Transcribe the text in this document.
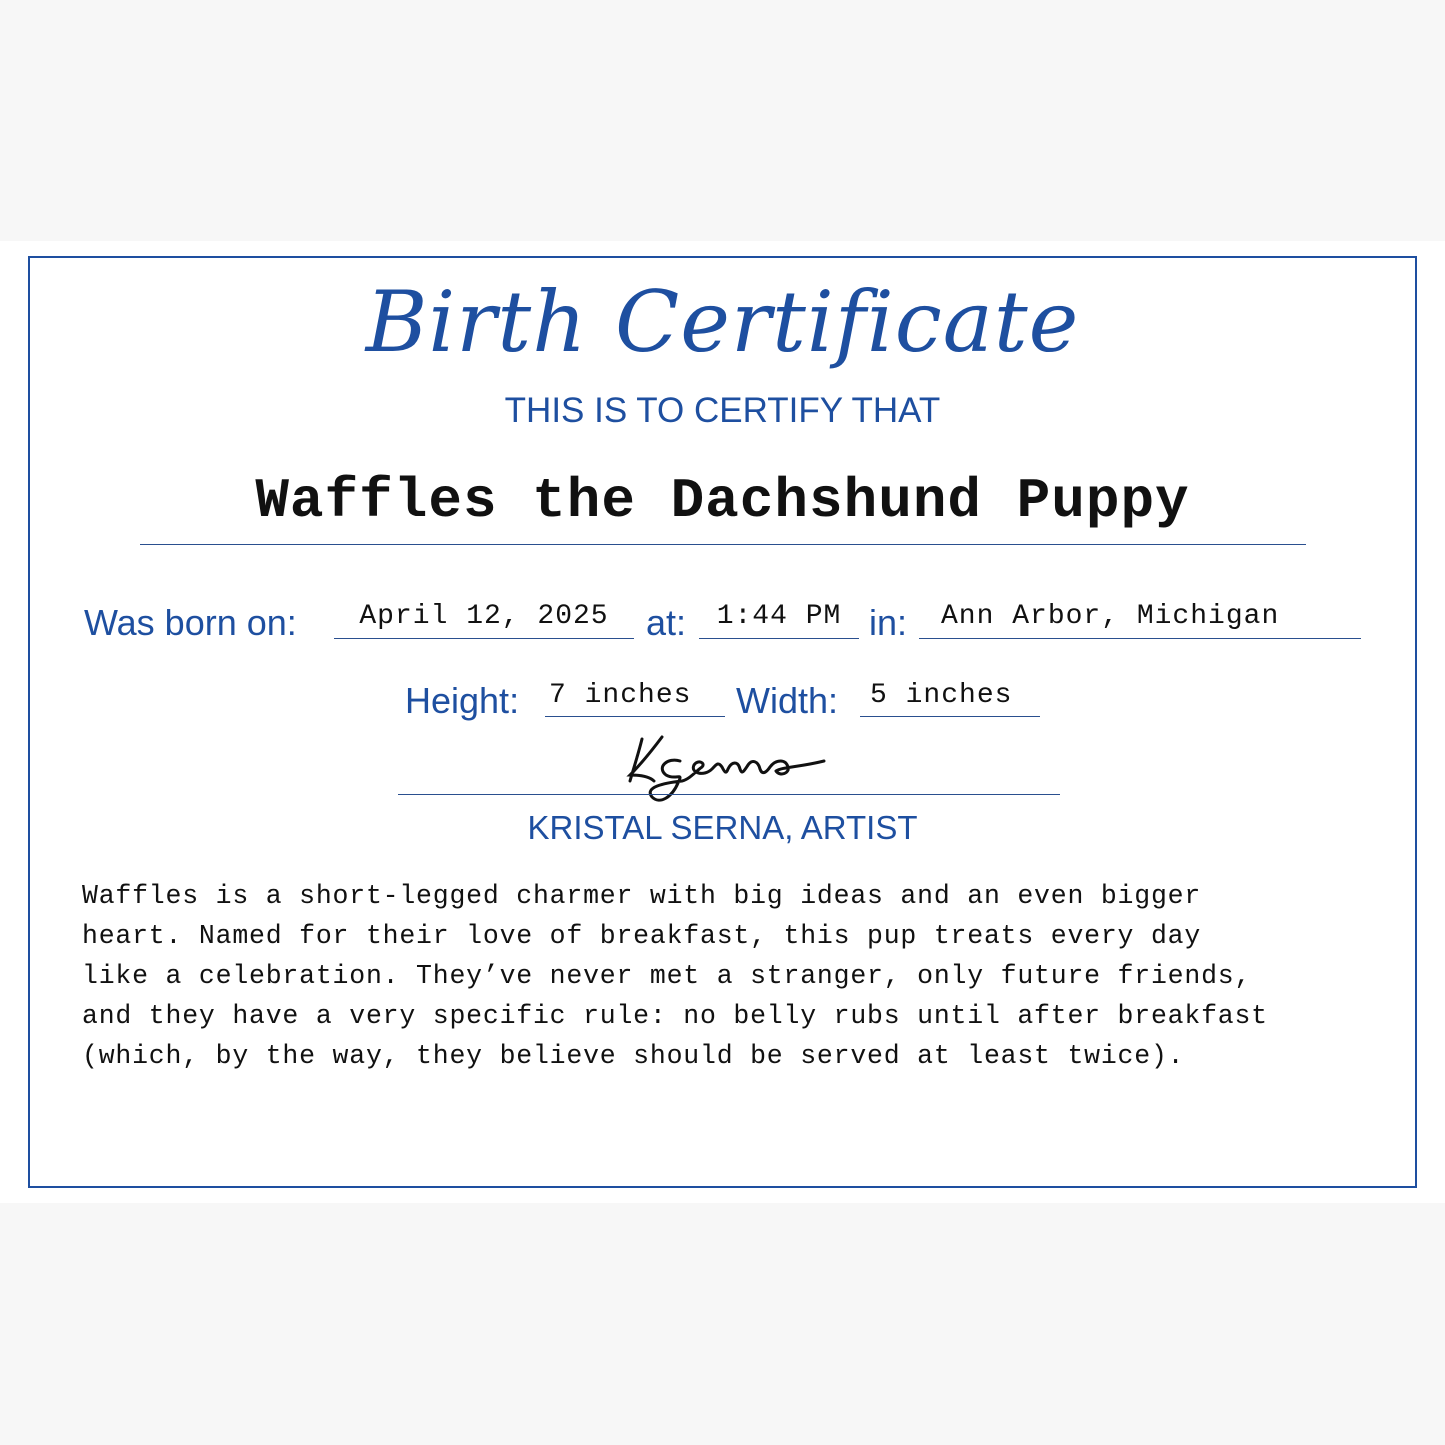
Birth Certificate
THIS IS TO CERTIFY THAT
Waffles the Dachshund Puppy
Was born on:	April 12, 2025	at:	1:44 PM in:	Ann Arbor, Michigan
Height: 7 inches	Width:	5 inches
KRISTAL SERNA, ARTIST
Waffles is a short-legged charmer with big ideas and an even bigger
heart. Named for their love of breakfast, this pup treats every day
like a celebration. They’ve never met a stranger, only future friends,
and they have a very specific rule: no belly rubs until after breakfast
(which, by the way, they believe should be served at least twice).
